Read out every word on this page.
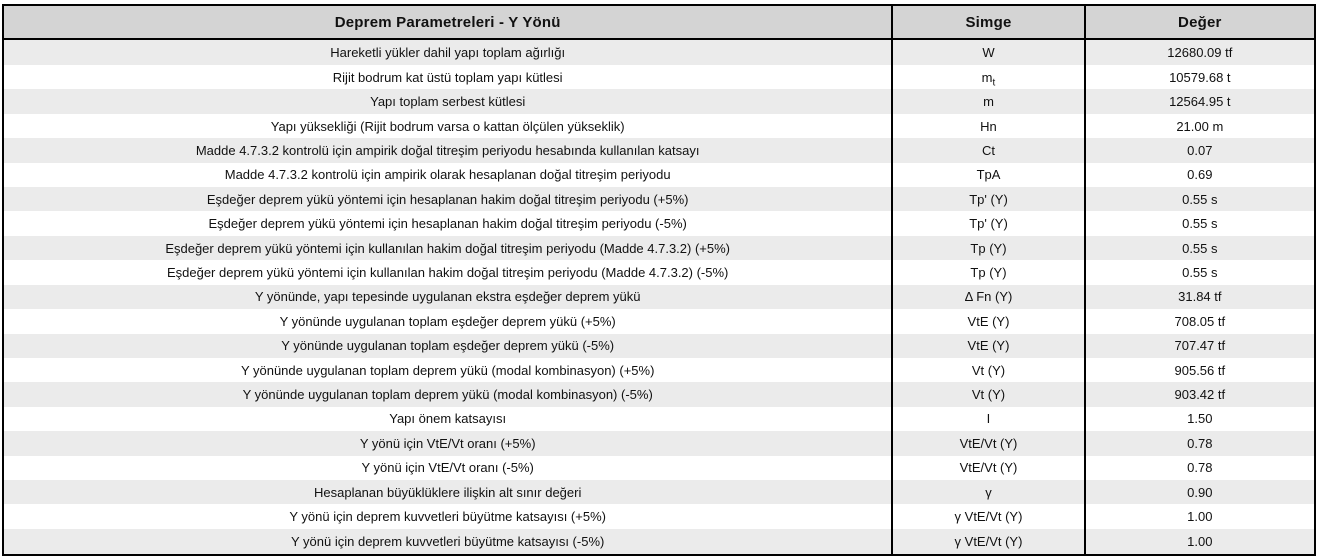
Deprem Parametreleri - Y Yönü	Simge	Değer
Hareketli yükler dahil yapı toplam ağırlığı	W	12680.09 tf
Rijit bodrum kat üstü toplam yapı kütlesi	$m_t$	10579.68 t
Yapı toplam serbest kütlesi	m	12564.95 t
Yapı yüksekliği (Rijit bodrum varsa o kattan ölçülen yükseklik)	Hn	21.00 m
Madde 4.7.3.2 kontrolü için ampirik doğal titreşim periyodu hesabında kullanılan katsayı	Ct	0.07
Madde 4.7.3.2 kontrolü için ampirik olarak hesaplanan doğal titreşim periyodu	TpA	0.69
Eşdeğer deprem yükü yöntemi için hesaplanan hakim doğal titreşim periyodu (+5%)	Tp' (Y)	0.55 s
Eşdeğer deprem yükü yöntemi için hesaplanan hakim doğal titreşim periyodu (-5%)	Tp' (Y)	0.55 s
Eşdeğer deprem yükü yöntemi için kullanılan hakim doğal titreşim periyodu (Madde 4.7.3.2) (+5%)	Tp (Y)	0.55 s
Eşdeğer deprem yükü yöntemi için kullanılan hakim doğal titreşim periyodu (Madde 4.7.3.2) (-5%)	Tp (Y)	0.55 s
Y yönünde, yapı tepesinde uygulanan ekstra eşdeğer deprem yükü	Δ Fn (Y)	31.84 tf
Y yönünde uygulanan toplam eşdeğer deprem yükü (+5%)	VtE (Y)	708.05 tf
Y yönünde uygulanan toplam eşdeğer deprem yükü (-5%)	VtE (Y)	707.47 tf
Y yönünde uygulanan toplam deprem yükü (modal kombinasyon) (+5%)	Vt (Y)	905.56 tf
Y yönünde uygulanan toplam deprem yükü (modal kombinasyon) (-5%)	Vt (Y)	903.42 tf
Yapı önem katsayısı	I	1.50
Y yönü için VtE/Vt oranı (+5%)	VtE/Vt (Y)	0.78
Y yönü için VtE/Vt oranı (-5%)	VtE/Vt (Y)	0.78
Hesaplanan büyüklüklere ilişkin alt sınır değeri	γ	0.90
Y yönü için deprem kuvvetleri büyütme katsayısı (+5%)	γ VtE/Vt (Y)	1.00
Y yönü için deprem kuvvetleri büyütme katsayısı (-5%)	γ VtE/Vt (Y)	1.00
